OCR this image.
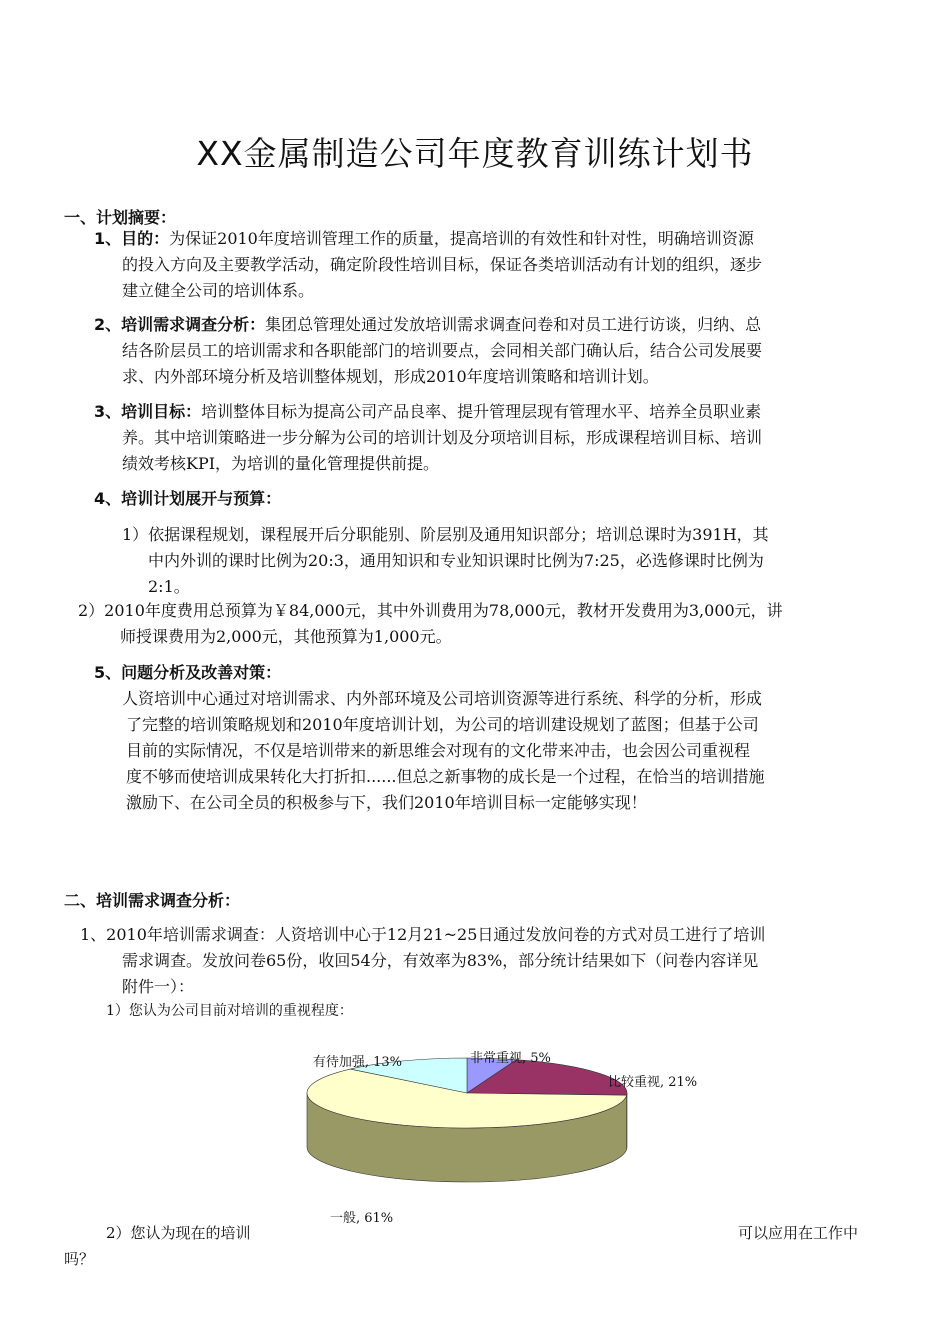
XX金属制造公司年度教育训练计划书
一、计划摘要：
1、目的：为保证2010年度培训管理工作的质量，提高培训的有效性和针对性，明确培训资源
的投入方向及主要教学活动，确定阶段性培训目标，保证各类培训活动有计划的组织，逐步
建立健全公司的培训体系。
2、培训需求调查分析：集团总管理处通过发放培训需求调查问卷和对员工进行访谈，归纳、总
结各阶层员工的培训需求和各职能部门的培训要点，会同相关部门确认后，结合公司发展要
求、内外部环境分析及培训整体规划，形成2010年度培训策略和培训计划。
3、培训目标：培训整体目标为提高公司产品良率、提升管理层现有管理水平、培养全员职业素
养。其中培训策略进一步分解为公司的培训计划及分项培训目标，形成课程培训目标、培训
绩效考核KPI，为培训的量化管理提供前提。
4、培训计划展开与预算：
1）依据课程规划，课程展开后分职能别、阶层别及通用知识部分；培训总课时为391H，其
中内外训的课时比例为20:3，通用知识和专业知识课时比例为7:25，必选修课时比例为
2:1。
2）2010年度费用总预算为￥84,000元，其中外训费用为78,000元，教材开发费用为3,000元，讲
师授课费用为2,000元，其他预算为1,000元。
5、问题分析及改善对策：
人资培训中心通过对培训需求、内外部环境及公司培训资源等进行系统、科学的分析，形成
了完整的培训策略规划和2010年度培训计划，为公司的培训建设规划了蓝图；但基于公司
目前的实际情况，不仅是培训带来的新思维会对现有的文化带来冲击，也会因公司重视程
度不够而使培训成果转化大打折扣......但总之新事物的成长是一个过程，在恰当的培训措施
激励下、在公司全员的积极参与下，我们2010年培训目标一定能够实现！
二、培训需求调查分析：
1、2010年培训需求调查：人资培训中心于12月21~25日通过发放问卷的方式对员工进行了培训
需求调查。发放问卷65份，收回54分，有效率为83%，部分统计结果如下（问卷内容详见
附件一）：
1）您认为公司目前对培训的重视程度：
非常重视, 5%
比较重视, 21%
一般, 61%
有待加强, 13%
2）您认为现在的培训	可以应用在工作中
吗？
